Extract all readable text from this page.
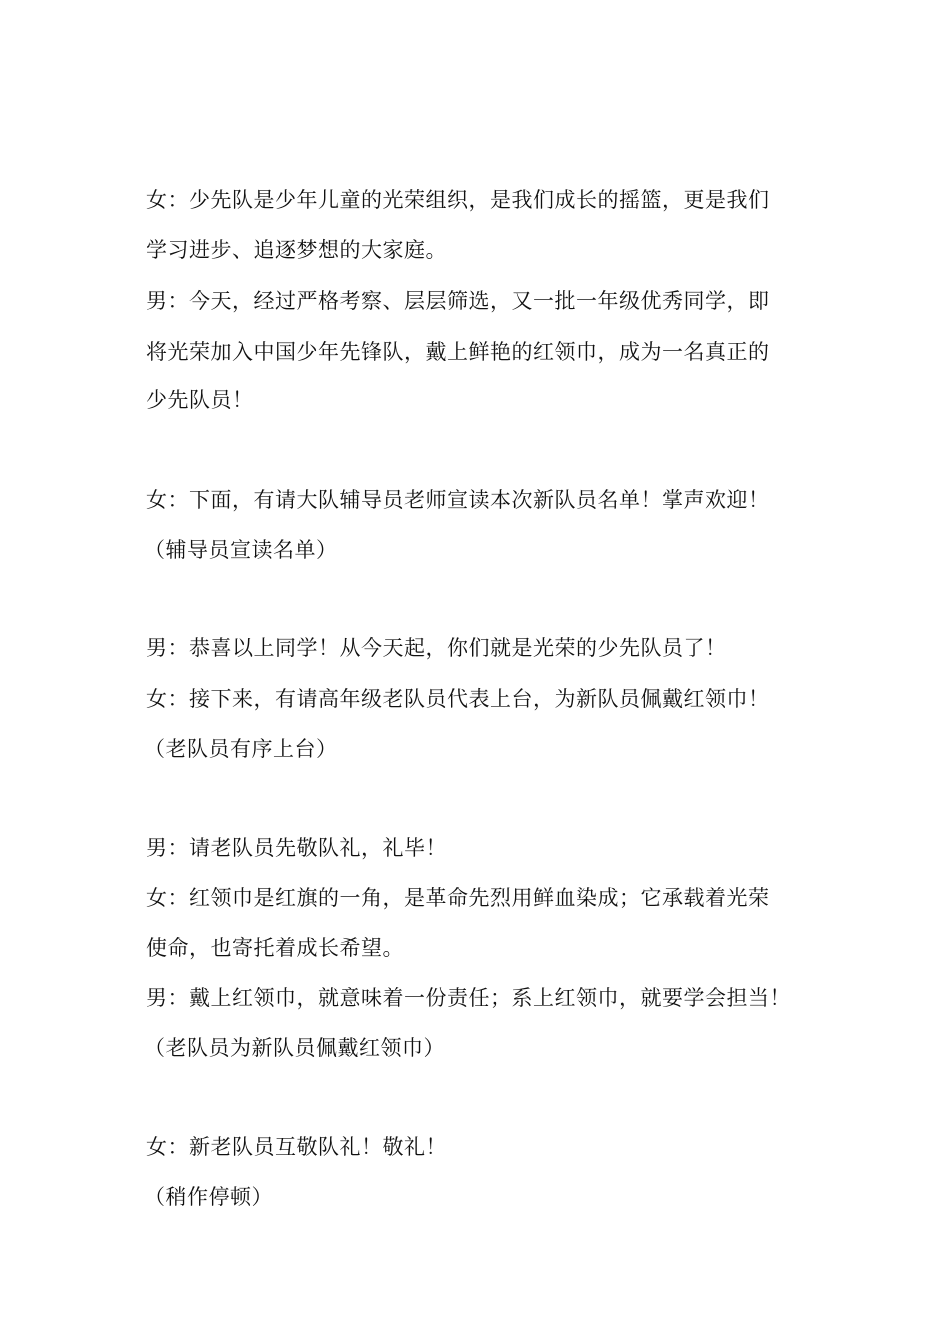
女：少先队是少年儿童的光荣组织，是我们成长的摇篮，更是我们
学习进步、追逐梦想的大家庭。
男：今天，经过严格考察、层层筛选，又一批一年级优秀同学，即
将光荣加入中国少年先锋队，戴上鲜艳的红领巾，成为一名真正的
少先队员！
女：下面，有请大队辅导员老师宣读本次新队员名单！掌声欢迎！
（辅导员宣读名单）
男：恭喜以上同学！从今天起，你们就是光荣的少先队员了！
女：接下来，有请高年级老队员代表上台，为新队员佩戴红领巾！
（老队员有序上台）
男：请老队员先敬队礼，礼毕！
女：红领巾是红旗的一角，是革命先烈用鲜血染成；它承载着光荣
使命，也寄托着成长希望。
男：戴上红领巾，就意味着一份责任；系上红领巾，就要学会担当！
（老队员为新队员佩戴红领巾）
女：新老队员互敬队礼！敬礼！
（稍作停顿）
